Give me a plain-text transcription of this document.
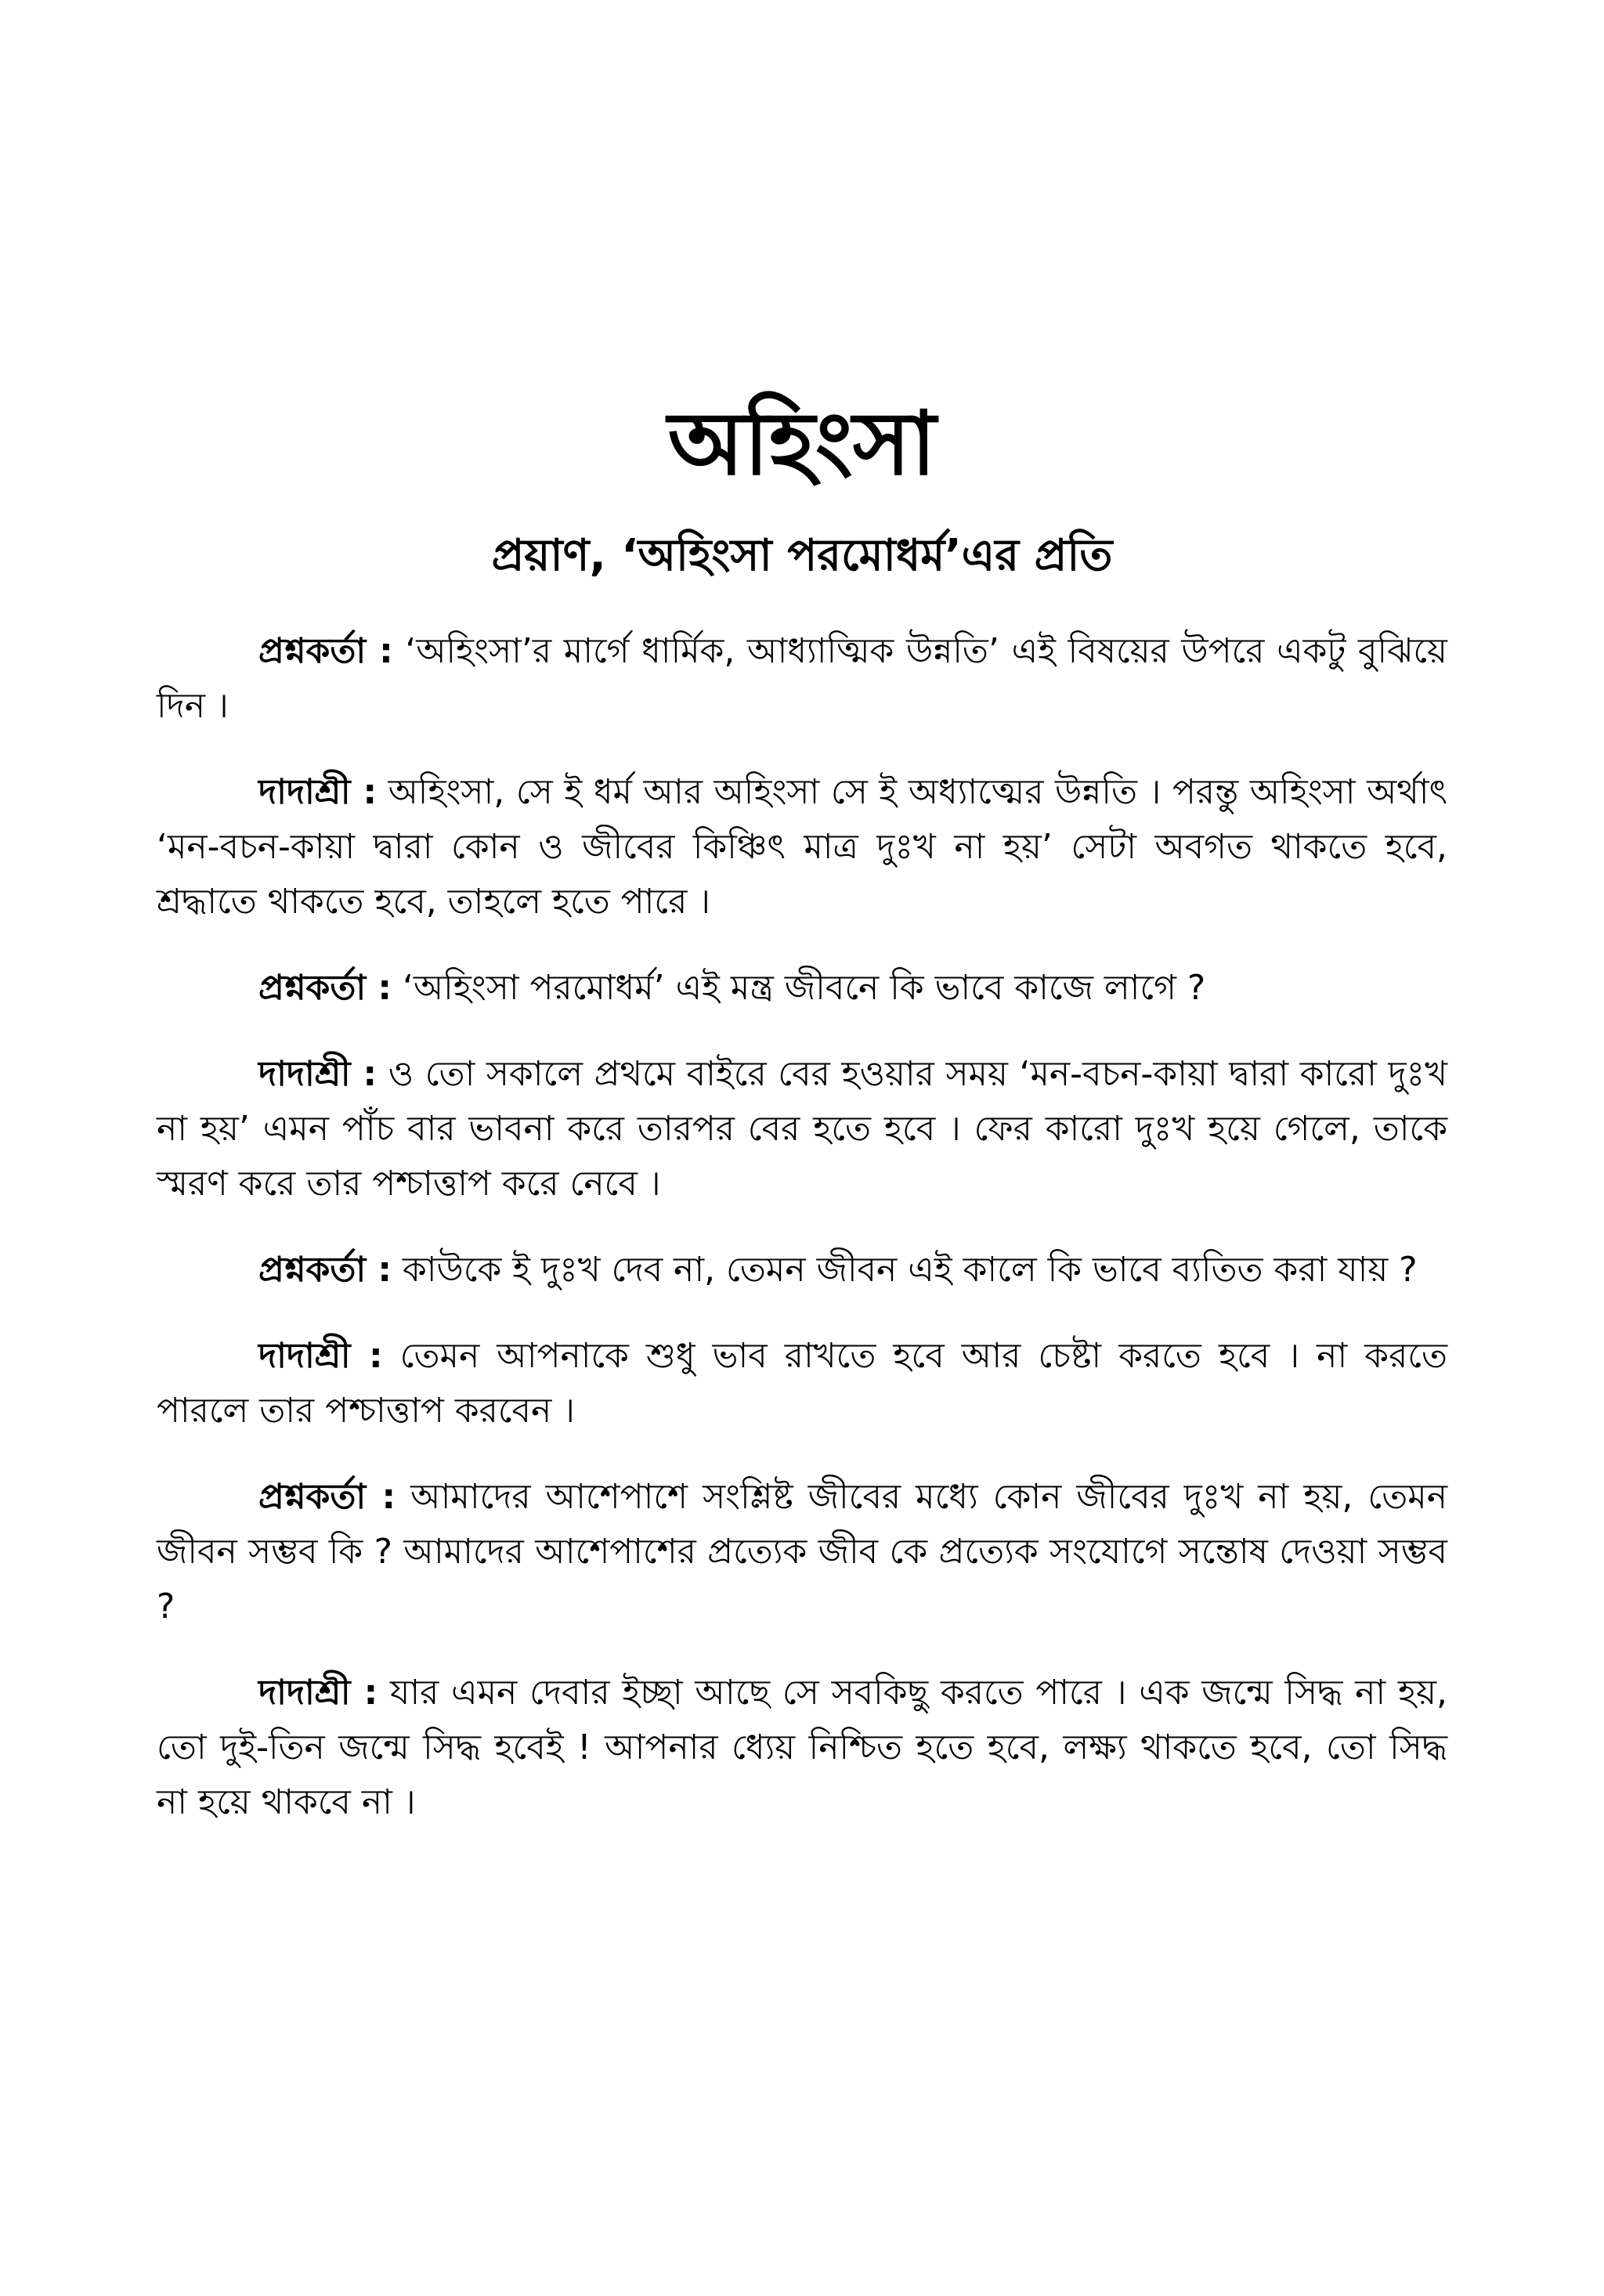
অহিংসা
প্রয়াণ, ‘অহিংসা পরমোধর্ম’এর প্রতি

প্রশ্নকর্তা : ‘অহিংসা’র মার্গে ধার্মিক, আধ্যাত্মিক উন্নতি’ এই বিষয়ের উপরে একটু বুঝিয়ে দিন ।

দাদাশ্রী : অহিংসা, সে ই ধর্ম আর অহিংসা সে ই অধ্যাত্মের উন্নতি । পরন্তু অহিংসা অর্থাৎ ‘মন-বচন-কায়া দ্বারা কোন ও জীবের কিঞ্চিৎ মাত্র দুঃখ না হয়’ সেটা অবগত থাকতে হবে, শ্রদ্ধাতে থাকতে হবে, তাহলে হতে পারে ।

প্রশ্নকর্তা : ‘অহিংসা পরমোধর্ম’ এই মন্ত্র জীবনে কি ভাবে কাজে লাগে ?

দাদাশ্রী : ও তো সকালে প্রথমে বাইরে বের হওয়ার সময় ‘মন-বচন-কায়া দ্বারা কারো দুঃখ না হয়’ এমন পাঁচ বার ভাবনা করে তারপর বের হতে হবে । ফের কারো দুঃখ হয়ে গেলে, তাকে স্মরণ করে তার পশ্চাত্তাপ করে নেবে ।

প্রশ্নকর্তা : কাউকে ই দুঃখ দেব না, তেমন জীবন এই কালে কি ভাবে ব্যতিত করা যায় ?

দাদাশ্রী : তেমন আপনাকে শুধু ভাব রাখতে হবে আর চেষ্টা করতে হবে । না করতে পারলে তার পশ্চাত্তাপ করবেন ।

প্রশ্নকর্তা : আমাদের আশেপাশে সংশ্লিষ্ট জীবের মধ্যে কোন জীবের দুঃখ না হয়, তেমন জীবন সম্ভব কি ? আমাদের আশেপাশের প্রত্যেক জীব কে প্রত্যেক সংযোগে সন্তোষ দেওয়া সম্ভব ?

দাদাশ্রী : যার এমন দেবার ইচ্ছা আছে সে সবকিছু করতে পারে । এক জন্মে সিদ্ধ না হয়, তো দুই-তিন জন্মে সিদ্ধ হবেই ! আপনার ধ্যেয় নিশ্চিত হতে হবে, লক্ষ্য থাকতে হবে, তো সিদ্ধ না হয়ে থাকবে না ।
